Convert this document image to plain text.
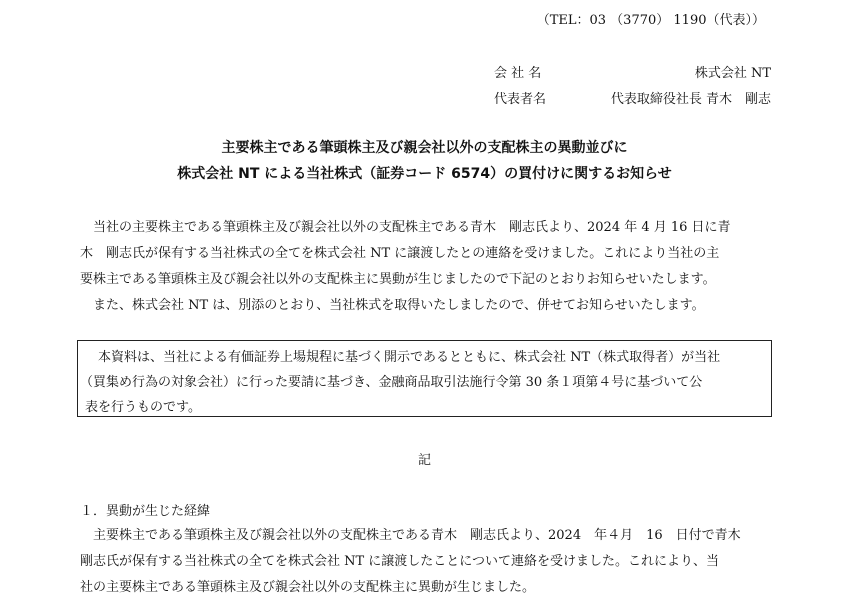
（TEL：03 （3770） 1190（代表））
会 社 名	株式会社 NT
代表者名	代表取締役社長 青木　剛志
主要株主である筆頭株主及び親会社以外の支配株主の異動並びに
株式会社 NT による当社株式（証券コード 6574）の買付けに関するお知らせ
当社の主要株主である筆頭株主及び親会社以外の支配株主である青木　剛志氏より、2024 年 4 月 16 日に青
木　剛志氏が保有する当社株式の全てを株式会社 NT に譲渡したとの連絡を受けました。これにより当社の主
要株主である筆頭株主及び親会社以外の支配株主に異動が生じましたので下記のとおりお知らせいたします。
また、株式会社 NT は、別添のとおり、当社株式を取得いたしましたので、併せてお知らせいたします。
本資料は、当社による有価証券上場規程に基づく開示であるとともに、株式会社 NT（株式取得者）が当社
（買集め行為の対象会社）に行った要請に基づき、金融商品取引法施行令第 30 条１項第４号に基づいて公
表を行うものです。
記
１．異動が生じた経緯
主要株主である筆頭株主及び親会社以外の支配株主である青木　剛志氏より、2024　年４月　16　日付で青木
剛志氏が保有する当社株式の全てを株式会社 NT に譲渡したことについて連絡を受けました。これにより、当
社の主要株主である筆頭株主及び親会社以外の支配株主に異動が生じました。
